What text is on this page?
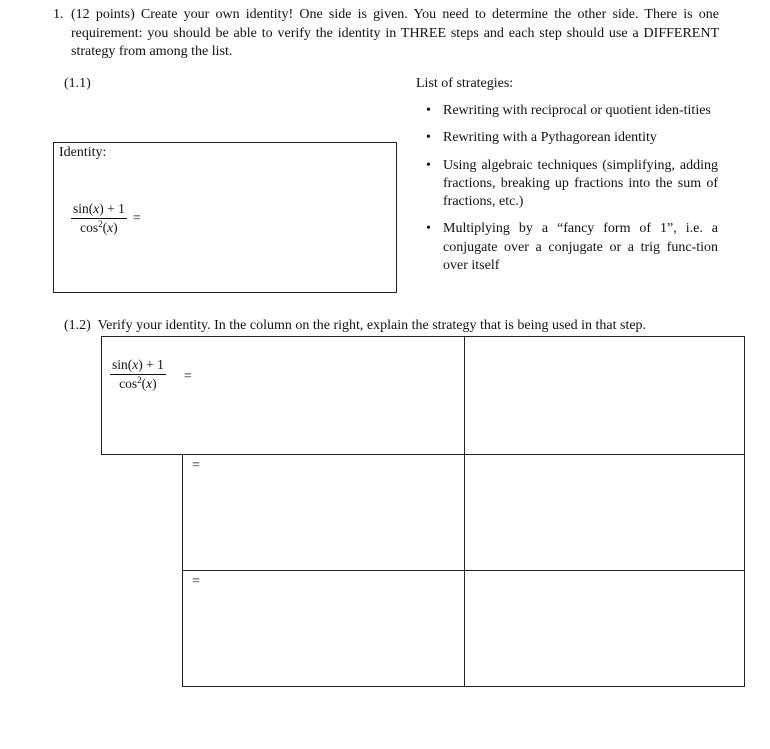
1. (12 points) Create your own identity! One side is given. You need to determine the other side. There is one requirement: you should be able to verify the identity in THREE steps and each step should use a DIFFERENT strategy from among the list.
(1.1)
Identity:
$\frac{\sin(x) + 1}{\cos^2(x)}$ =
List of strategies:
• Rewriting with reciprocal or quotient iden-tities
• Rewriting with a Pythagorean identity
• Using algebraic techniques (simplifying, adding fractions, breaking up fractions into the sum of fractions, etc.)
• Multiplying by a “fancy form of 1”, i.e. a conjugate over a conjugate or a trig func-tion over itself
(1.2) Verify your identity. In the column on the right, explain the strategy that is being used in that step.
$\frac{\sin(x) + 1}{\cos^2(x)}$ =
=
=
